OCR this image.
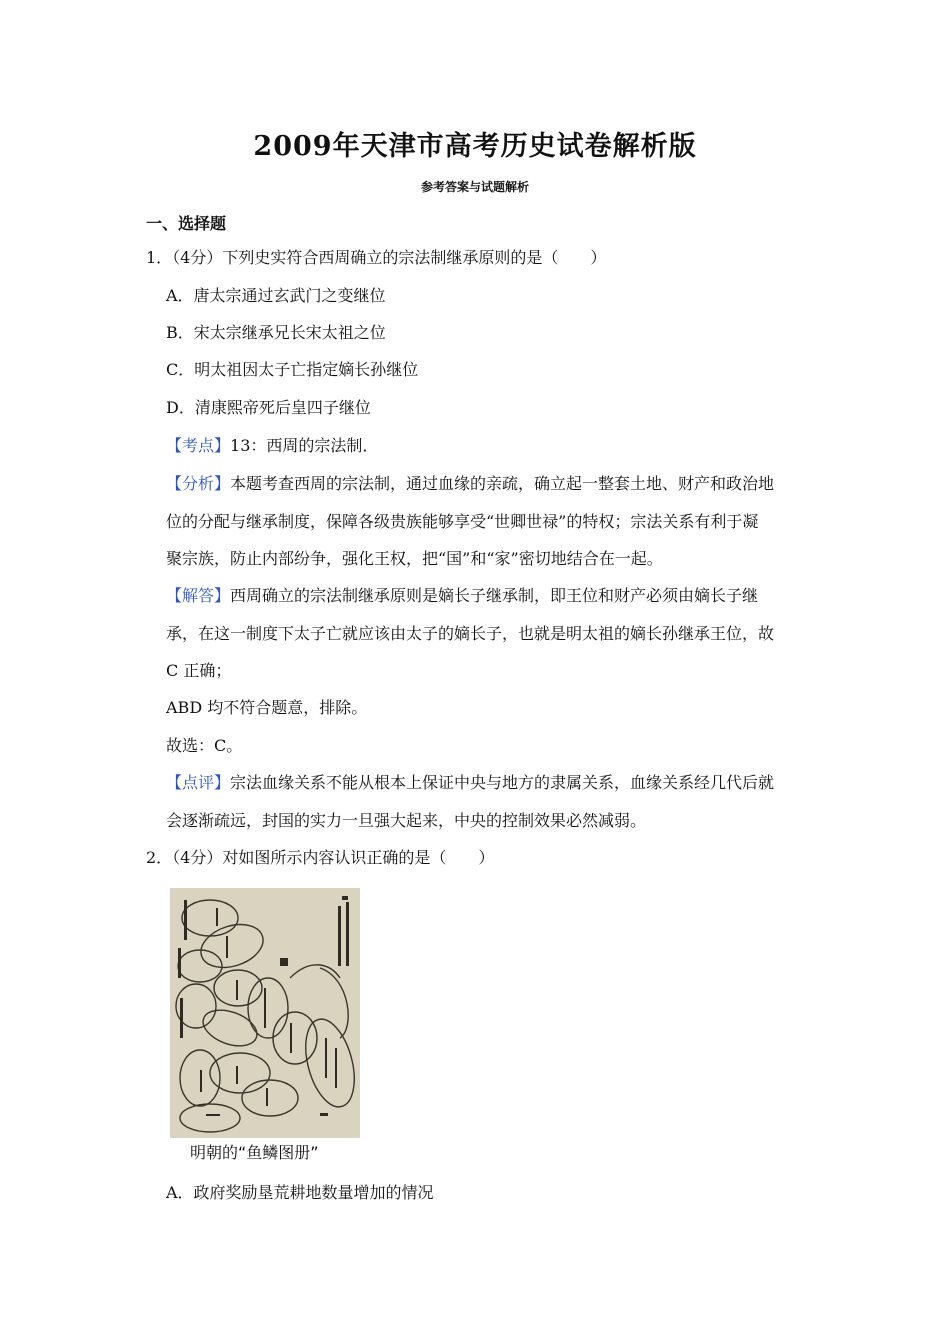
2009年天津市高考历史试卷解析版
参考答案与试题解析
一、选择题
1．（4分）下列史实符合西周确立的宗法制继承原则的是（　　）
A．唐太宗通过玄武门之变继位
B．宋太宗继承兄长宋太祖之位
C．明太祖因太子亡指定嫡长孙继位
D．清康熙帝死后皇四子继位
【考点】13：西周的宗法制．
【分析】本题考查西周的宗法制，通过血缘的亲疏，确立起一整套土地、财产和政治地
位的分配与继承制度，保障各级贵族能够享受“世卿世禄”的特权；宗法关系有利于凝
聚宗族，防止内部纷争，强化王权，把“国”和“家”密切地结合在一起。
【解答】西周确立的宗法制继承原则是嫡长子继承制，即王位和财产必须由嫡长子继
承，在这一制度下太子亡就应该由太子的嫡长子，也就是明太祖的嫡长孙继承王位，故
C 正确；
ABD 均不符合题意，排除。
故选：C。
【点评】宗法血缘关系不能从根本上保证中央与地方的隶属关系，血缘关系经几代后就
会逐渐疏远，封国的实力一旦强大起来，中央的控制效果必然减弱。
2．（4分）对如图所示内容认识正确的是（　　）
明朝的“鱼鳞图册”
A．政府奖励垦荒耕地数量增加的情况
